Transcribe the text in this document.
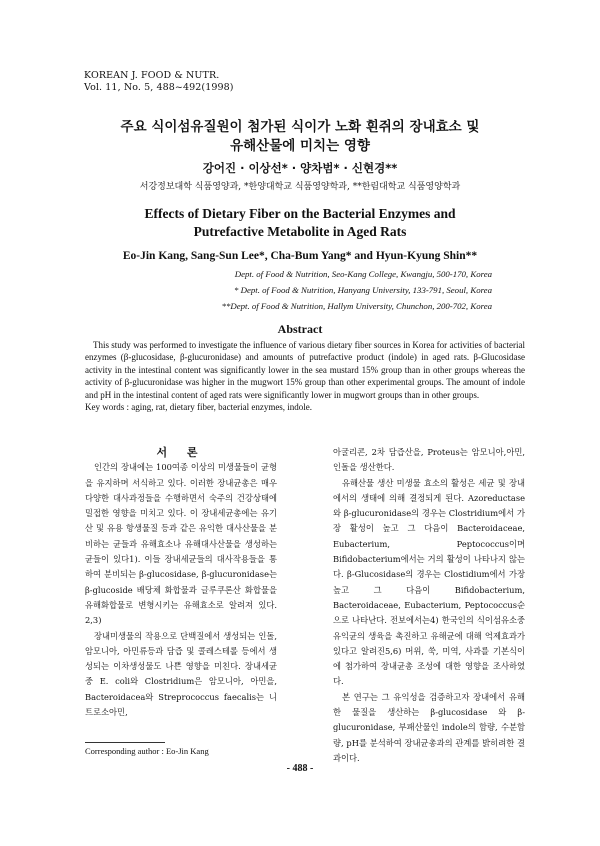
KOREAN J. FOOD & NUTR.
Vol. 11, No. 5, 488~492(1998)
주요 식이섬유질원이 첨가된 식이가 노화 흰쥐의 장내효소 및
유해산물에 미치는 영향
강어진 · 이상선* · 양차범* · 신현경**
서강정보대학 식품영양과, *한양대학교 식품영양학과, **한림대학교 식품영양학과
Effects of Dietary Fiber on the Bacterial Enzymes and
Putrefactive Metabolite in Aged Rats
Eo-Jin Kang, Sang-Sun Lee*, Cha-Bum Yang* and Hyun-Kyung Shin**
Dept. of Food & Nutrition, Seo-Kang College, Kwangju, 500-170, Korea
* Dept. of Food & Nutrition, Hanyang University, 133-791, Seoul, Korea
**Dept. of Food & Nutrition, Hallym University, Chunchon, 200-702, Korea
Abstract

This study was performed to investigate the influence of various dietary fiber sources in Korea for activities of bacterial enzymes (β-glucosidase, β-glucuronidase) and amounts of putrefactive product (indole) in aged rats. β-Glucosidase activity in the intestinal content was significantly lower in the sea mustard 15% group than in other groups whereas the activity of β-glucuronidase was higher in the mugwort 15% group than other experimental groups. The amount of indole and pH in the intestinal content of aged rats were significantly lower in mugwort groups than in other groups.

Key words : aging, rat, dietary fiber, bacterial enzymes, indole.

서 론

인간의 장내에는 100여종 이상의 미생물들이 균형을 유지하며 서식하고 있다. 이러한 장내균총은 매우 다양한 대사과정들을 수행하면서 숙주의 건강상태에 밀접한 영향을 미치고 있다. 이 장내세균총에는 유기산 및 유용 항생물질 등과 같은 유익한 대사산물을 분비하는 균들과 유해효소나 유해대사산물을 생성하는 균들이 있다1). 이들 장내세균들의 대사작용들을 통하여 분비되는 β-glucosidase, β-glucuronidase는 β-glucoside 배당체 화합물과 글루쿠론산 화합물을 유해화합물로 변형시키는 유해효소로 알려져 있다. 2,3)

장내미생물의 작용으로 단백질에서 생성되는 인돌, 암모니아, 아민류등과 담즙 및 콜레스테롤 등에서 생성되는 이차생성물도 나쁜 영향을 미친다. 장내세균중 E. coli와 Clostridium은 암모니아, 아민을, Bacteroidacea와 Streprococcus faecalis는 니트로소아민,

아굴리콘, 2차 담즙산을, Proteus는 암모니아,아민,인돌을 생산한다.

유해산물 생산 미생물 효소의 활성은 세균 및 장내에서의 생태에 의해 결정되게 된다. Azoreductase와 β-glucuronidase의 경우는 Clostridium에서 가장 활성이 높고 그 다음이 Bacteroidaceae, Eubacterium, Peptococcus이며 Bifidobacterium에서는 거의 활성이 나타나지 않는다. β-Glucosidase의 경우는 Clostidium에서 가장 높고 그 다음이 Bifidobacterium, Bacteroidaceae, Eubacterium, Peptococcus순으로 나타난다. 전보에서는4) 한국인의 식이섬유소중 유익균의 생육을 촉진하고 유해균에 대해 억제효과가 있다고 알려진5,6) 머위, 쑥, 미역, 사과를 기본식이에 첨가하여 장내균총 조성에 대한 영향을 조사하였다.

본 연구는 그 유익성을 검증하고자 장내에서 유해한 물질을 생산하는 β-glucosidase 와 β-glucuronidase, 부패산물인 indole의 함량, 수분함량, pH를 분석하여 장내균총과의 관계를 밝히려한 결과이다.

Corresponding author : Eo-Jin Kang
- 488 -
